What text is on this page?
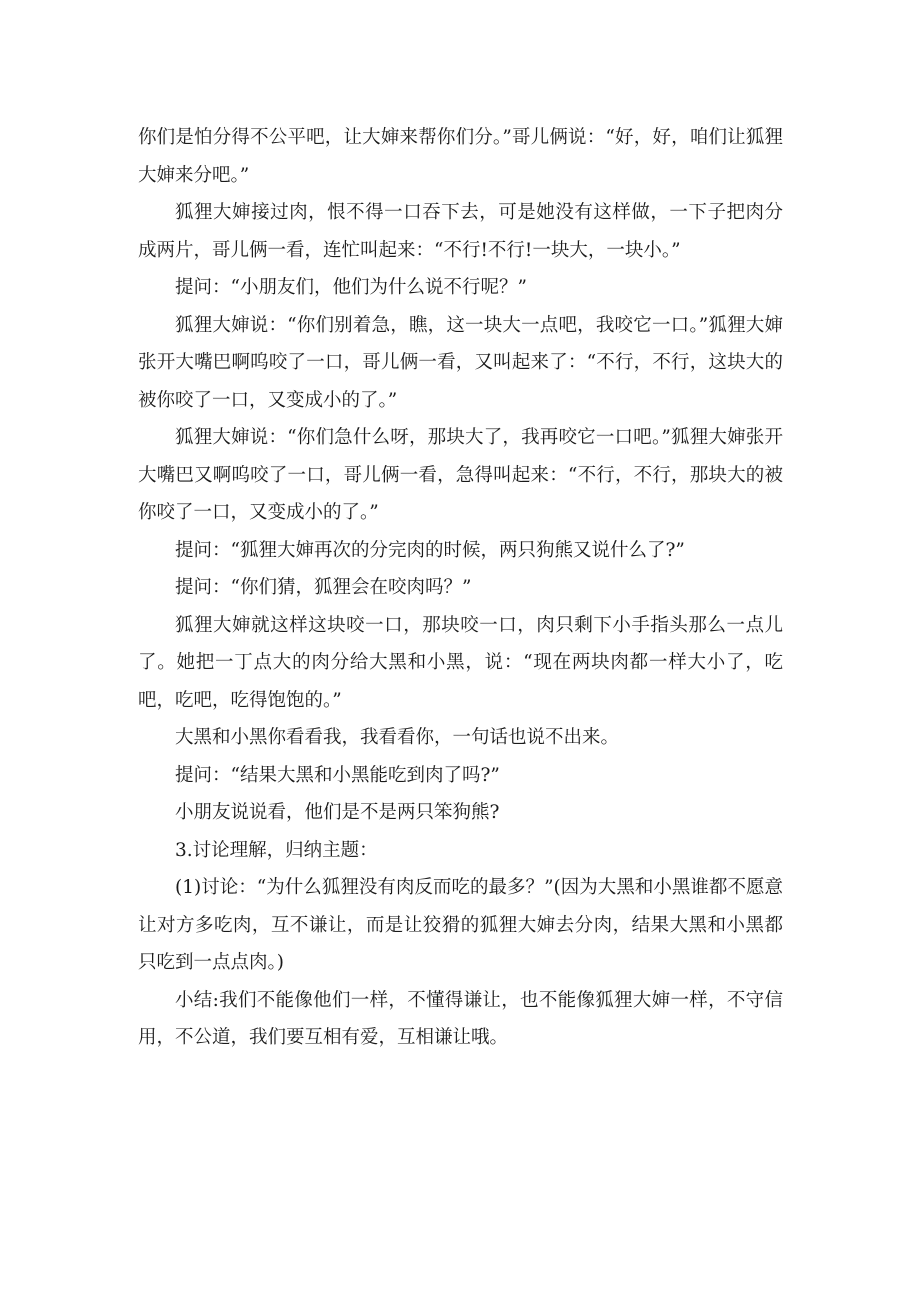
你们是怕分得不公平吧，让大婶来帮你们分。”哥儿俩说：“好，好，咱们让狐狸大婶来分吧。”

狐狸大婶接过肉，恨不得一口吞下去，可是她没有这样做，一下子把肉分成两片，哥儿俩一看，连忙叫起来：“不行!不行!一块大，一块小。”

提问：“小朋友们，他们为什么说不行呢？”

狐狸大婶说：“你们别着急，瞧，这一块大一点吧，我咬它一口。”狐狸大婶张开大嘴巴啊呜咬了一口，哥儿俩一看，又叫起来了：“不行，不行，这块大的被你咬了一口，又变成小的了。”

狐狸大婶说：“你们急什么呀，那块大了，我再咬它一口吧。”狐狸大婶张开大嘴巴又啊呜咬了一口，哥儿俩一看，急得叫起来：“不行，不行，那块大的被你咬了一口，又变成小的了。”

提问：“狐狸大婶再次的分完肉的时候，两只狗熊又说什么了?”

提问：“你们猜，狐狸会在咬肉吗？”

狐狸大婶就这样这块咬一口，那块咬一口，肉只剩下小手指头那么一点儿了。她把一丁点大的肉分给大黑和小黑，说：“现在两块肉都一样大小了，吃吧，吃吧，吃得饱饱的。”

大黑和小黑你看看我，我看看你，一句话也说不出来。

提问：“结果大黑和小黑能吃到肉了吗?”

小朋友说说看，他们是不是两只笨狗熊?

3.讨论理解，归纳主题：

(1)讨论：“为什么狐狸没有肉反而吃的最多？”(因为大黑和小黑谁都不愿意让对方多吃肉，互不谦让，而是让狡猾的狐狸大婶去分肉，结果大黑和小黑都只吃到一点点肉。)

小结:我们不能像他们一样，不懂得谦让，也不能像狐狸大婶一样，不守信用，不公道，我们要互相有爱，互相谦让哦。
